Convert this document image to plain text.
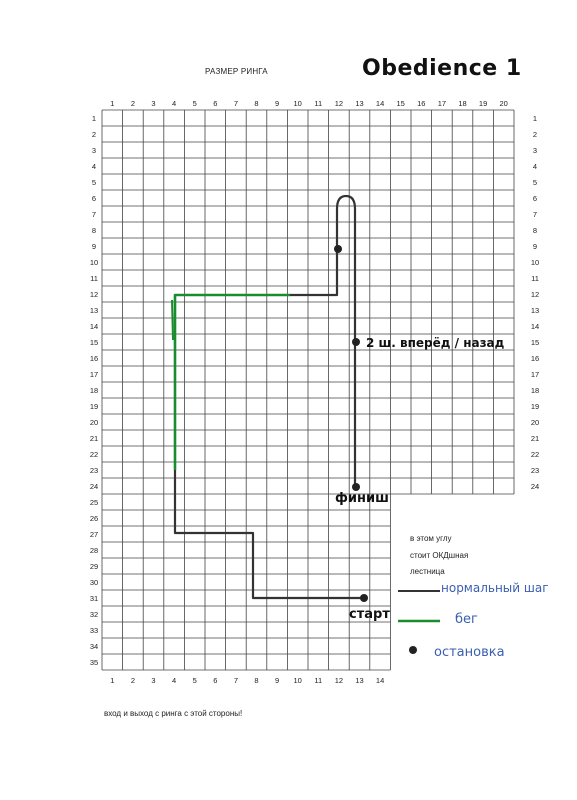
РАЗМЕР РИНГА	Obedience 1
1 2 3 4 5 6 7 8 9 10 11 12 13 14 15 16 17 18 19 20
1 2 3 4 5 6 7 8 9 10 11 12 13 14
1
2
3
4
5
6
7
8
9
10
11
12
13
14
15
16
17
18
19
20
21
22
23
24
25
26
27
28
29
30
31
32
33
34
35
1
2
3
4
5
6
7
8
9
10
11
12
13
14
15
16
17
18
19
20
21
22
23
24
2 ш. вперёд / назад
финиш
старт
в этом углу
стоит ОКДшная
лестница
нормальный шаг
бег
остановка
вход и выход с ринга с этой стороны!
